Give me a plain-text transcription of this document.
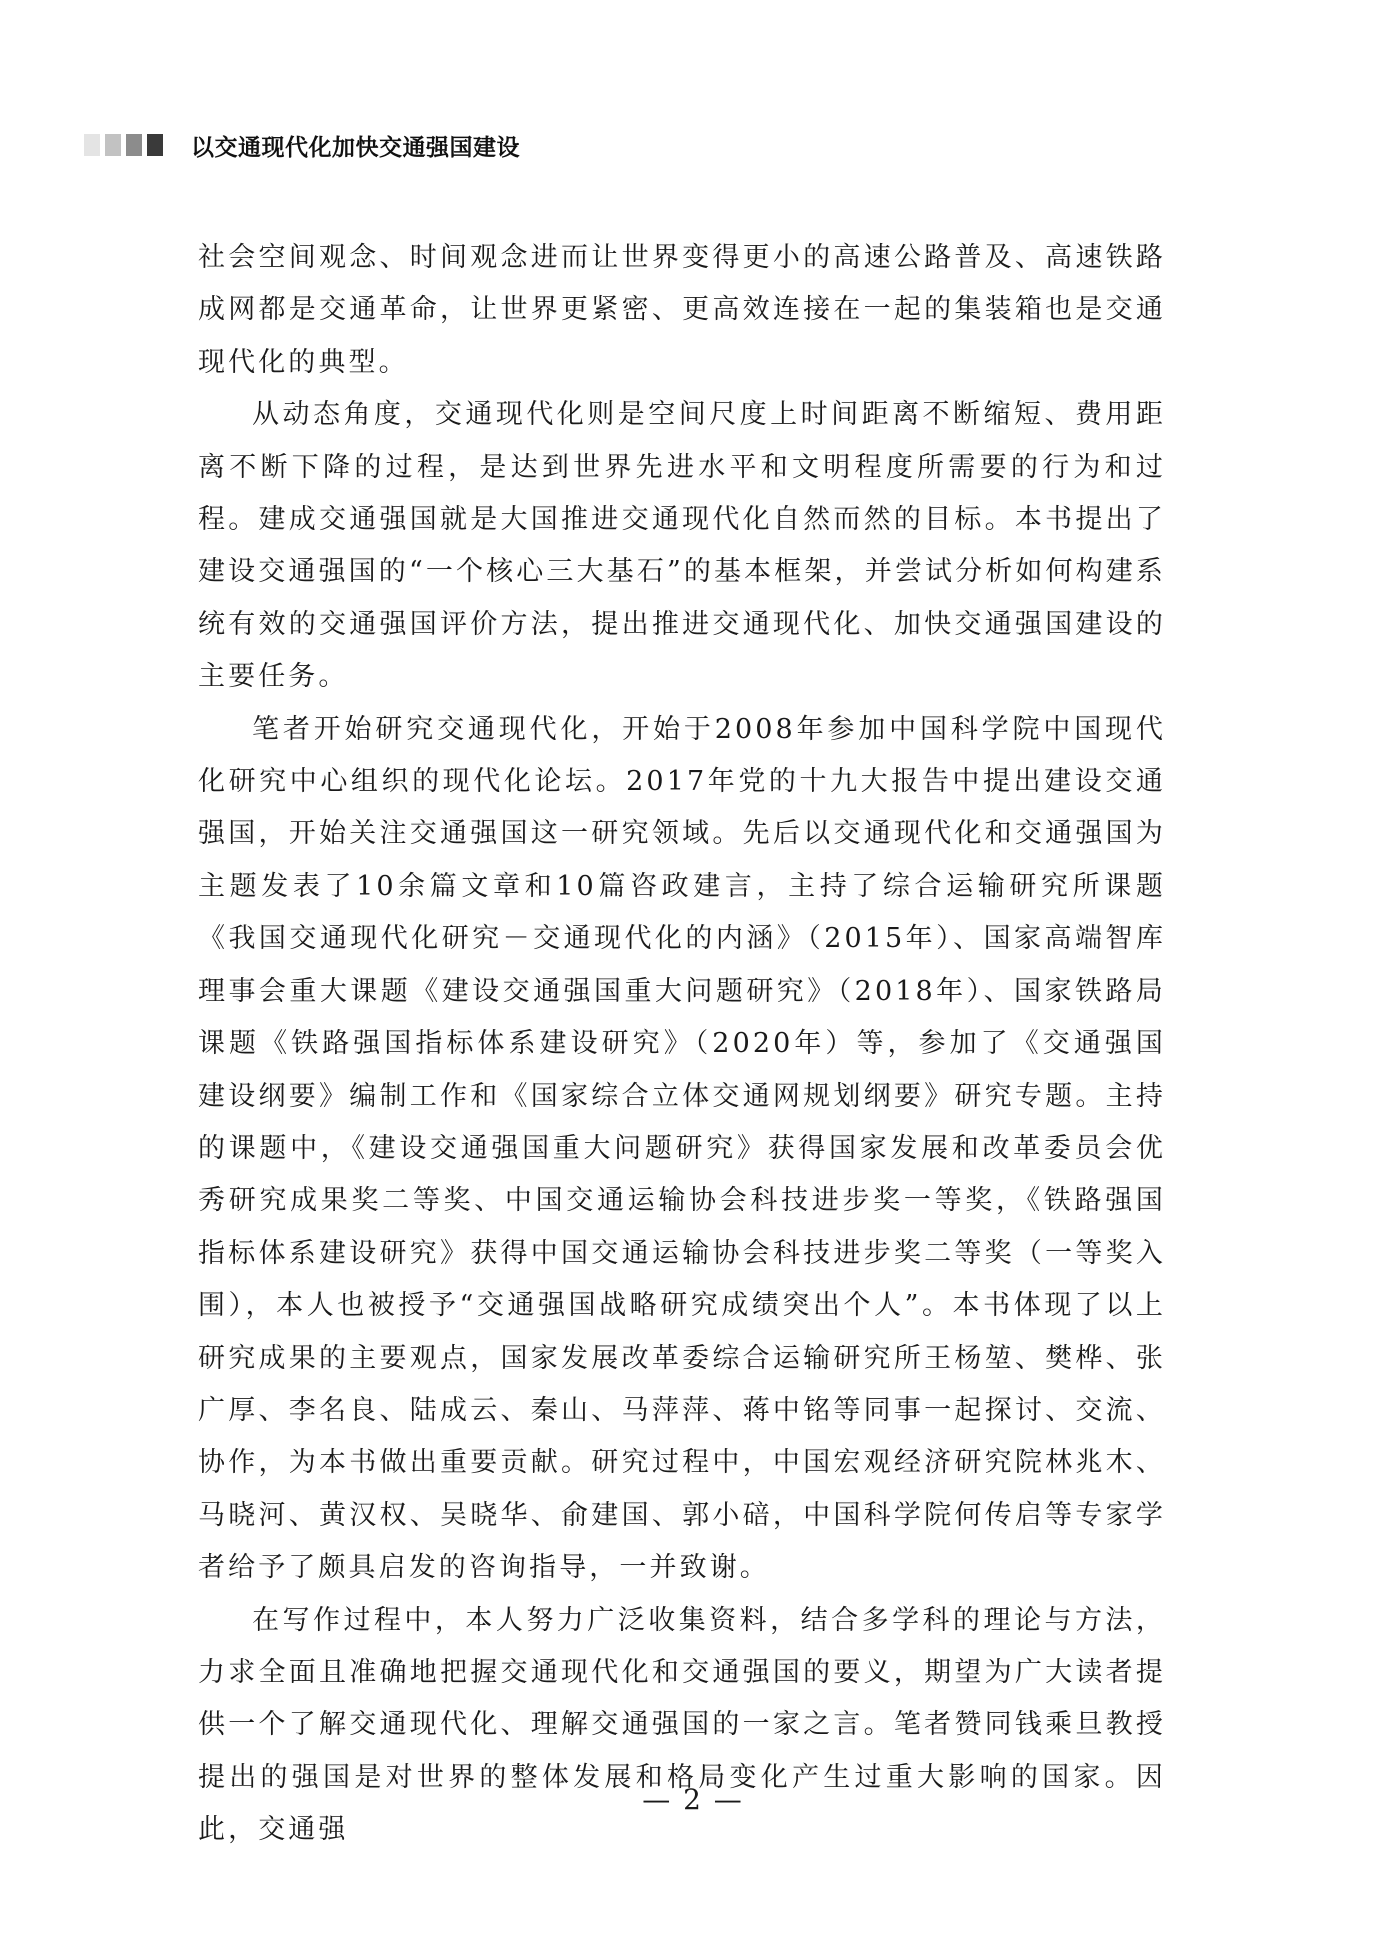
以交通现代化加快交通强国建设

社会空间观念、时间观念进而让世界变得更小的高速公路普及、高速铁路成网都是交通革命，让世界更紧密、更高效连接在一起的集装箱也是交通现代化的典型。

从动态角度，交通现代化则是空间尺度上时间距离不断缩短、费用距离不断下降的过程，是达到世界先进水平和文明程度所需要的行为和过程。建成交通强国就是大国推进交通现代化自然而然的目标。本书提出了建设交通强国的“一个核心三大基石”的基本框架，并尝试分析如何构建系统有效的交通强国评价方法，提出推进交通现代化、加快交通强国建设的主要任务。

笔者开始研究交通现代化，开始于2008年参加中国科学院中国现代化研究中心组织的现代化论坛。2017年党的十九大报告中提出建设交通强国，开始关注交通强国这一研究领域。先后以交通现代化和交通强国为主题发表了10余篇文章和10篇咨政建言，主持了综合运输研究所课题《我国交通现代化研究－交通现代化的内涵》（2015年）、国家高端智库理事会重大课题《建设交通强国重大问题研究》（2018年）、国家铁路局课题《铁路强国指标体系建设研究》（2020年）等，参加了《交通强国建设纲要》编制工作和《国家综合立体交通网规划纲要》研究专题。主持的课题中，《建设交通强国重大问题研究》获得国家发展和改革委员会优秀研究成果奖二等奖、中国交通运输协会科技进步奖一等奖，《铁路强国指标体系建设研究》获得中国交通运输协会科技进步奖二等奖（一等奖入围），本人也被授予“交通强国战略研究成绩突出个人”。本书体现了以上研究成果的主要观点，国家发展改革委综合运输研究所王杨堃、樊桦、张广厚、李名良、陆成云、秦山、马萍萍、蒋中铭等同事一起探讨、交流、协作，为本书做出重要贡献。研究过程中，中国宏观经济研究院林兆木、马晓河、黄汉权、吴晓华、俞建国、郭小碚，中国科学院何传启等专家学者给予了颇具启发的咨询指导，一并致谢。

在写作过程中，本人努力广泛收集资料，结合多学科的理论与方法，力求全面且准确地把握交通现代化和交通强国的要义，期望为广大读者提供一个了解交通现代化、理解交通强国的一家之言。笔者赞同钱乘旦教授提出的强国是对世界的整体发展和格局变化产生过重大影响的国家。因此，交通强

— 2 —
